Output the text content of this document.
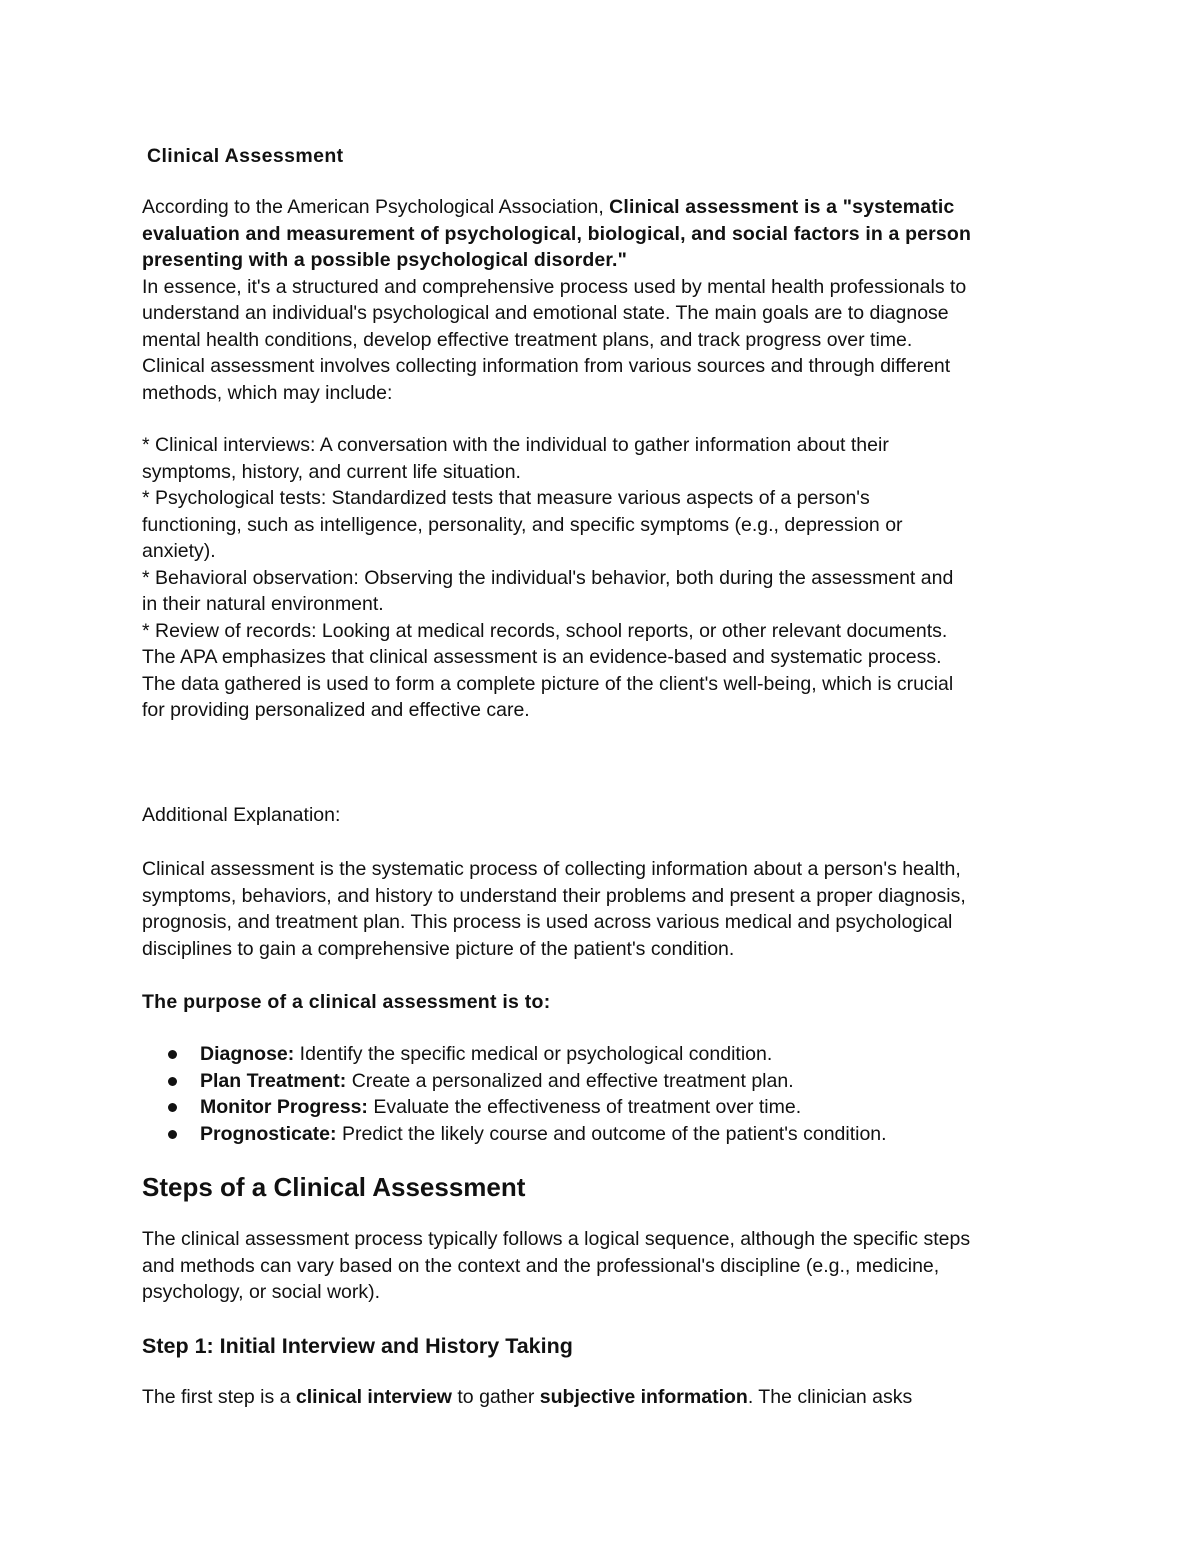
Clinical Assessment
According to the American Psychological Association, Clinical assessment is a "systematic
evaluation and measurement of psychological, biological, and social factors in a person
presenting with a possible psychological disorder."
In essence, it's a structured and comprehensive process used by mental health professionals to
understand an individual's psychological and emotional state. The main goals are to diagnose
mental health conditions, develop effective treatment plans, and track progress over time.
Clinical assessment involves collecting information from various sources and through different
methods, which may include:
* Clinical interviews: A conversation with the individual to gather information about their
symptoms, history, and current life situation.
* Psychological tests: Standardized tests that measure various aspects of a person's
functioning, such as intelligence, personality, and specific symptoms (e.g., depression or
anxiety).
* Behavioral observation: Observing the individual's behavior, both during the assessment and
in their natural environment.
* Review of records: Looking at medical records, school reports, or other relevant documents.
The APA emphasizes that clinical assessment is an evidence-based and systematic process.
The data gathered is used to form a complete picture of the client's well-being, which is crucial
for providing personalized and effective care.
Additional Explanation:
Clinical assessment is the systematic process of collecting information about a person's health,
symptoms, behaviors, and history to understand their problems and present a proper diagnosis,
prognosis, and treatment plan. This process is used across various medical and psychological
disciplines to gain a comprehensive picture of the patient's condition.
The purpose of a clinical assessment is to:
Diagnose: Identify the specific medical or psychological condition.
Plan Treatment: Create a personalized and effective treatment plan.
Monitor Progress: Evaluate the effectiveness of treatment over time.
Prognosticate: Predict the likely course and outcome of the patient's condition.
Steps of a Clinical Assessment
The clinical assessment process typically follows a logical sequence, although the specific steps
and methods can vary based on the context and the professional's discipline (e.g., medicine,
psychology, or social work).
Step 1: Initial Interview and History Taking
The first step is a clinical interview to gather subjective information. The clinician asks
